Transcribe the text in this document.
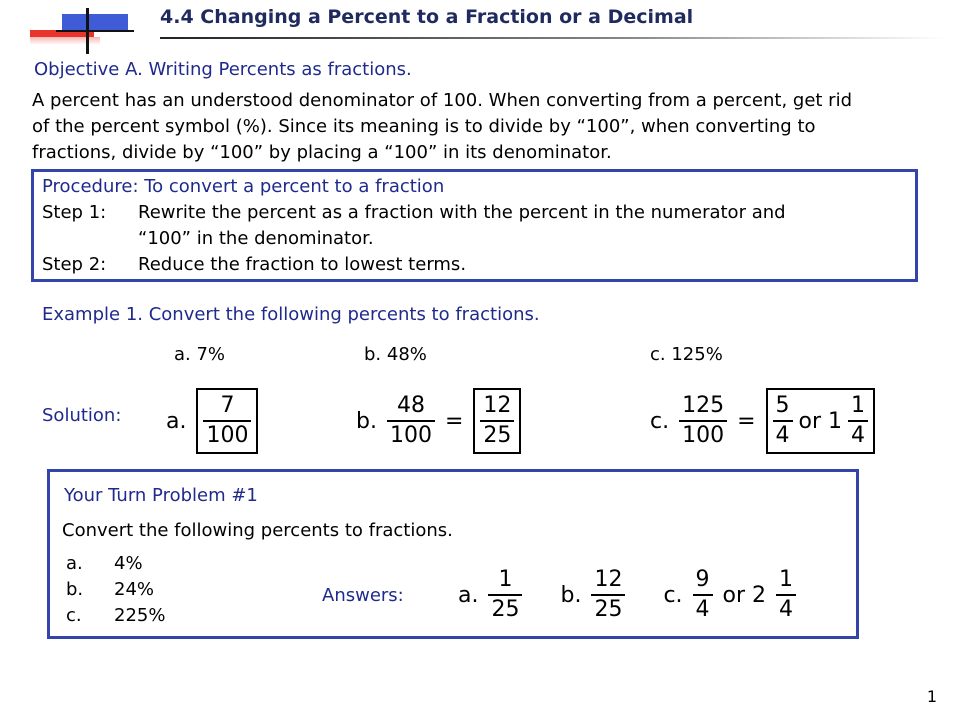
4.4 Changing a Percent to a Fraction or a Decimal
Objective A. Writing Percents as fractions.
A percent has an understood denominator of 100. When converting from a percent, get rid
of the percent symbol (%). Since its meaning is to divide by “100”, when converting to
fractions, divide by “100” by placing a “100” in its denominator.
Procedure: To convert a percent to a fraction
Step 1: Rewrite the percent as a fraction with the percent in the numerator and
“100” in the denominator.
Step 2: Reduce the fraction to lowest terms.
Example 1. Convert the following percents to fractions.
a. 7%	b. 48%	c. 125%
Solution: a. $\frac{7}{100}$	b. $\frac{48}{100} = \frac{12}{25}$	c. $\frac{125}{100} = \frac{5}{4}$ or $1 \frac{1}{4}$
Your Turn Problem #1
Convert the following percents to fractions.
a. 4%
b. 24%
c. 225%
Answers: a. $\frac{1}{25} b$. $\frac{12}{25} c$. $\frac{9}{4}$ or $2 \frac{1}{4}$
1
